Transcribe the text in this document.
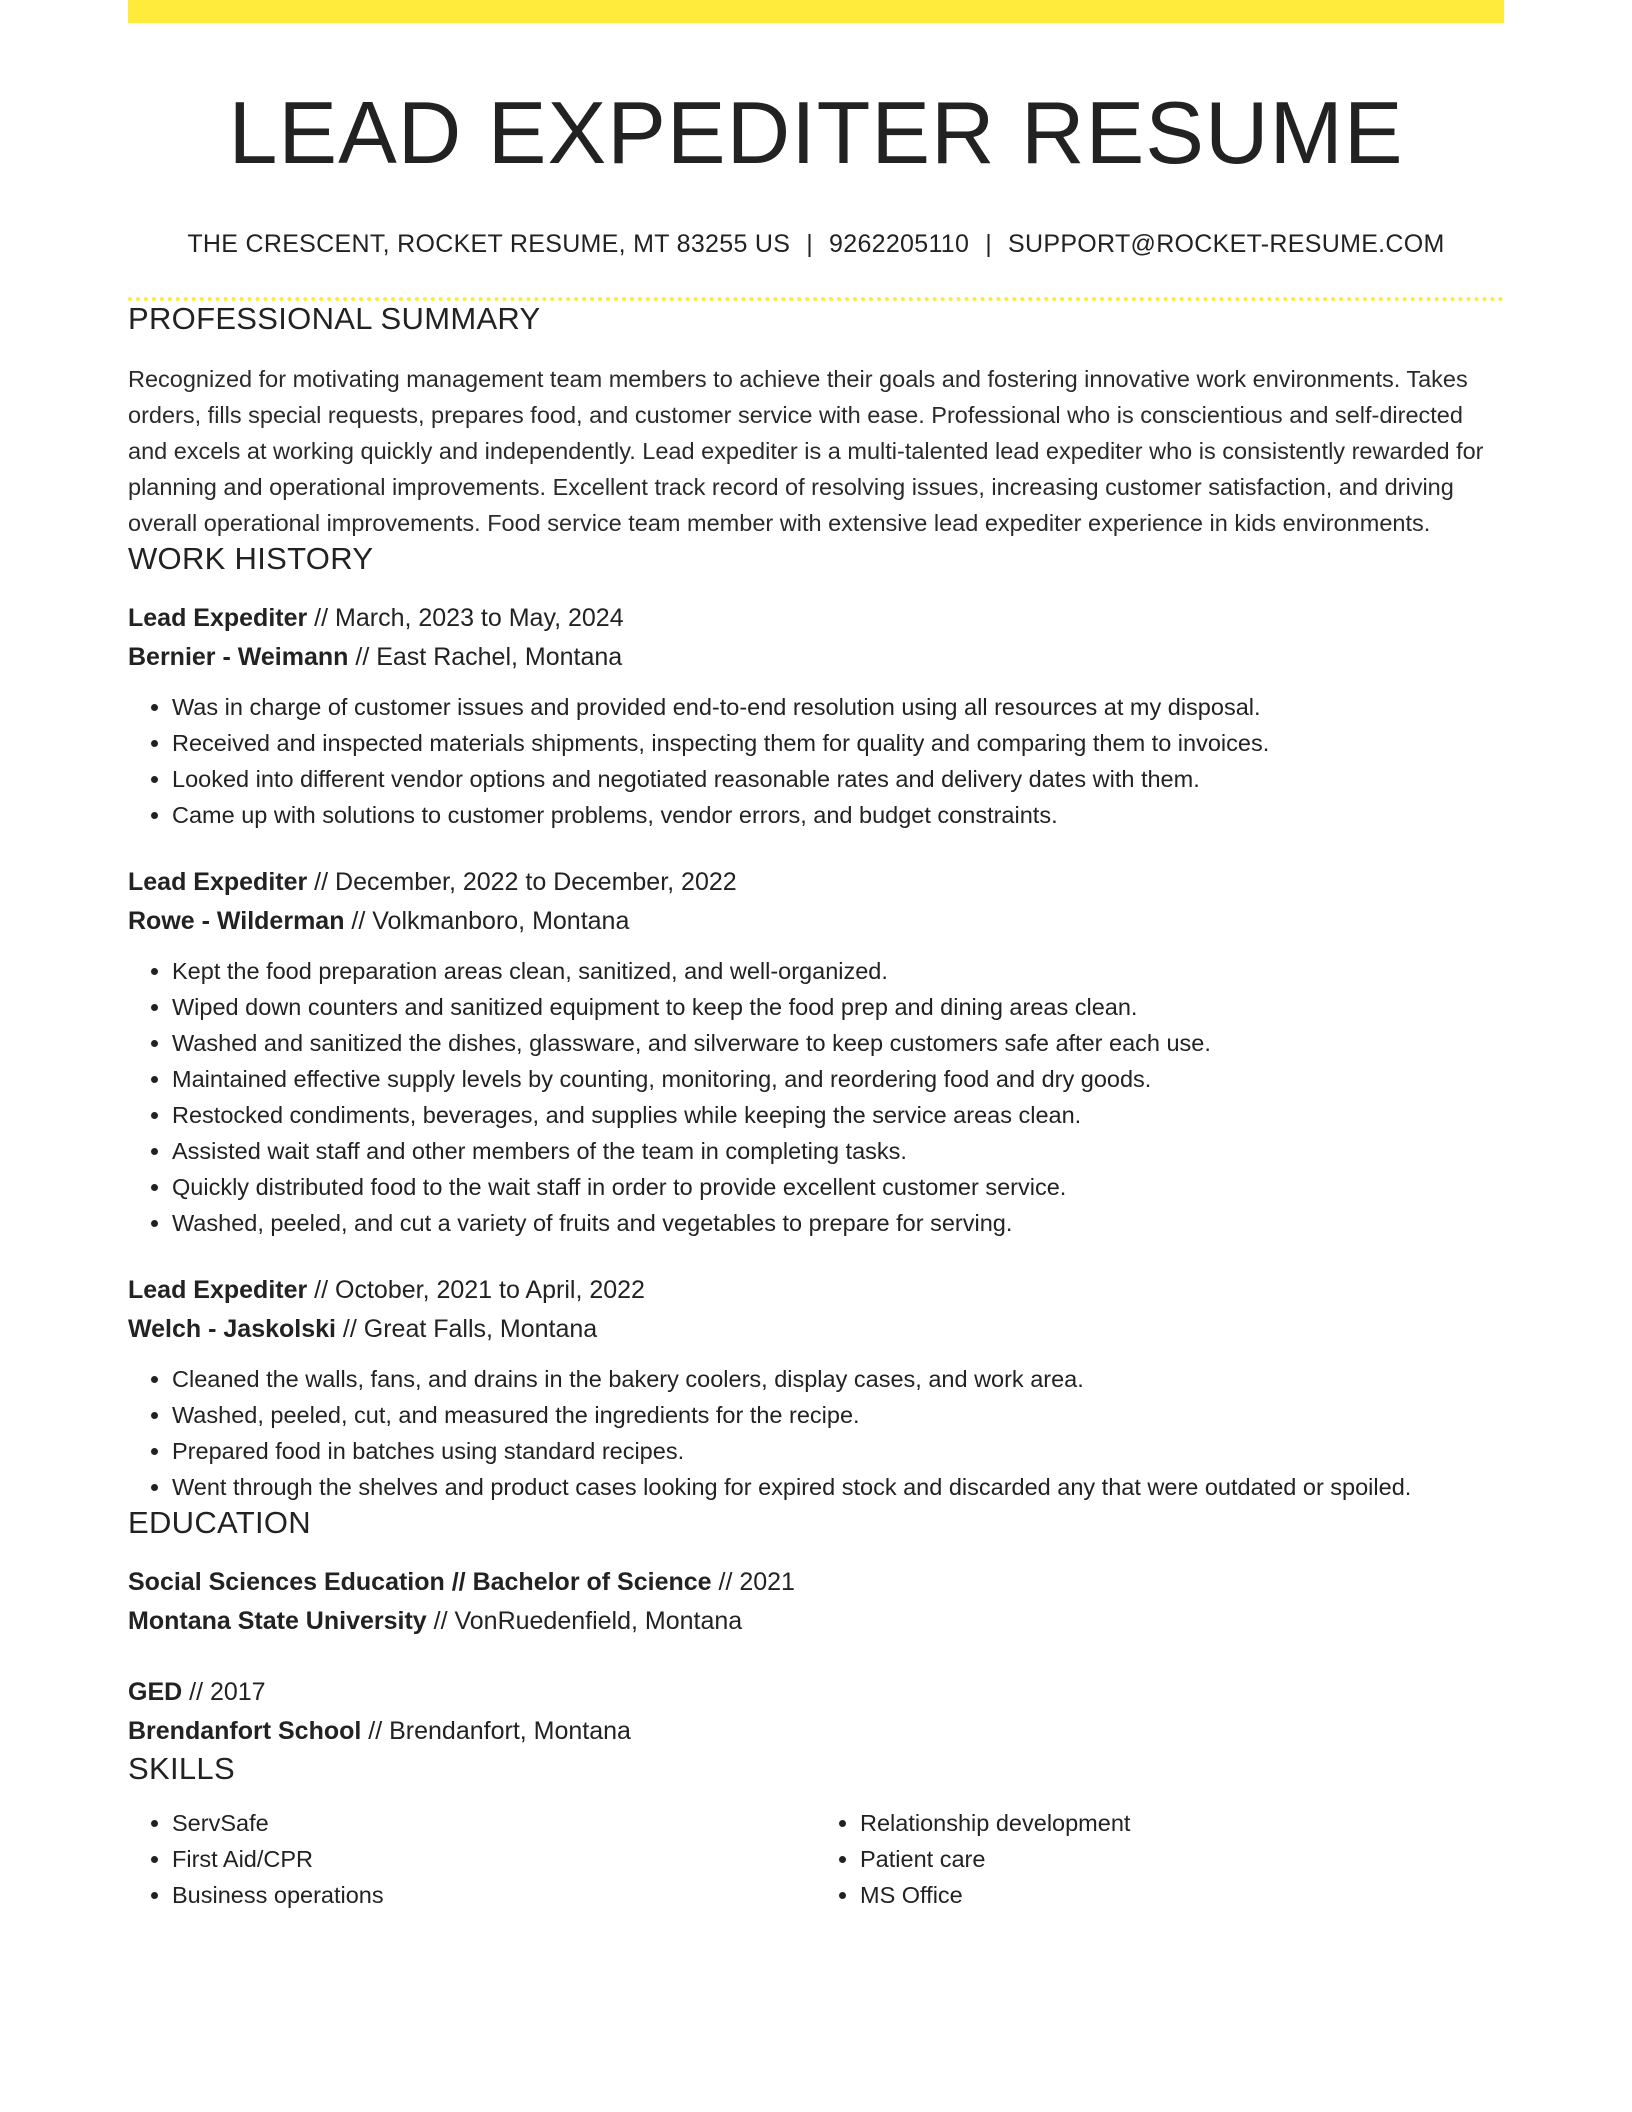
LEAD EXPEDITER RESUME
THE CRESCENT, ROCKET RESUME, MT 83255 US | 9262205110 | SUPPORT@ROCKET-RESUME.COM
PROFESSIONAL SUMMARY
Recognized for motivating management team members to achieve their goals and fostering innovative work environments. Takes orders, fills special requests, prepares food, and customer service with ease. Professional who is conscientious and self-directed and excels at working quickly and independently. Lead expediter is a multi-talented lead expediter who is consistently rewarded for planning and operational improvements. Excellent track record of resolving issues, increasing customer satisfaction, and driving overall operational improvements. Food service team member with extensive lead expediter experience in kids environments.
WORK HISTORY
Lead Expediter // March, 2023 to May, 2024
Bernier - Weimann // East Rachel, Montana
• Was in charge of customer issues and provided end-to-end resolution using all resources at my disposal.
• Received and inspected materials shipments, inspecting them for quality and comparing them to invoices.
• Looked into different vendor options and negotiated reasonable rates and delivery dates with them.
• Came up with solutions to customer problems, vendor errors, and budget constraints.
Lead Expediter // December, 2022 to December, 2022
Rowe - Wilderman // Volkmanboro, Montana
• Kept the food preparation areas clean, sanitized, and well-organized.
• Wiped down counters and sanitized equipment to keep the food prep and dining areas clean.
• Washed and sanitized the dishes, glassware, and silverware to keep customers safe after each use.
• Maintained effective supply levels by counting, monitoring, and reordering food and dry goods.
• Restocked condiments, beverages, and supplies while keeping the service areas clean.
• Assisted wait staff and other members of the team in completing tasks.
• Quickly distributed food to the wait staff in order to provide excellent customer service.
• Washed, peeled, and cut a variety of fruits and vegetables to prepare for serving.
Lead Expediter // October, 2021 to April, 2022
Welch - Jaskolski // Great Falls, Montana
• Cleaned the walls, fans, and drains in the bakery coolers, display cases, and work area.
• Washed, peeled, cut, and measured the ingredients for the recipe.
• Prepared food in batches using standard recipes.
• Went through the shelves and product cases looking for expired stock and discarded any that were outdated or spoiled.
EDUCATION
Social Sciences Education // Bachelor of Science // 2021
Montana State University // VonRuedenfield, Montana
GED // 2017
Brendanfort School // Brendanfort, Montana
SKILLS
• ServSafe
• First Aid/CPR
• Business operations
• Relationship development
• Patient care
• MS Office
